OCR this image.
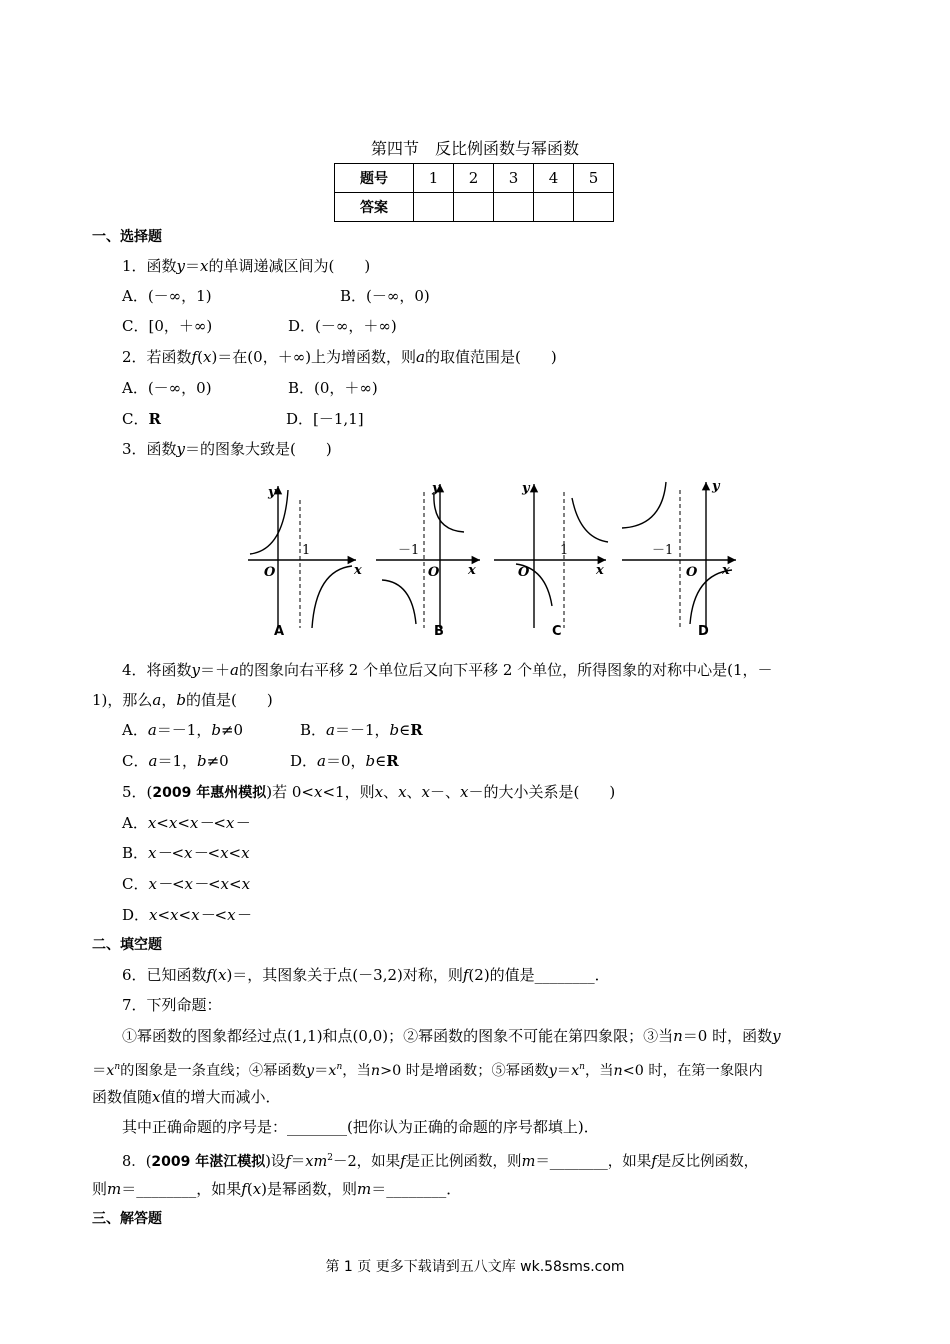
第四节　反比例函数与幂函数
题号	1	2	3	4	5
答案					
一、选择题
1．函数y＝x的单调递减区间为(　　)
A．(－∞，1)	B．(－∞，0)
C．[0，＋∞)	D．(－∞，＋∞)
2．若函数f(x)＝在(0，＋∞)上为增函数，则a的取值范围是(　　)
A．(－∞，0)	B．(0，＋∞)
C．R	D．[－1,1]
3．函数y＝的图象大致是(　　)
y
x
O
1
A
y
x
O
－1
B
y
x
O
1
C
y
x
O
－1
D
4．将函数y＝＋a的图象向右平移 2 个单位后又向下平移 2 个单位，所得图象的对称中心是(1，－
1)，那么a，b的值是(　　)
A．a＝－1，b≠0	B．a＝－1，b∈R
C．a＝1，b≠0	D．a＝0，b∈R
5．(2009 年惠州模拟)若 0<x<1，则x、x、x－、x－的大小关系是(　　)
A．x<x<x－<x－
B．x－<x－<x<x
C．x－<x－<x<x
D．x<x<x－<x－
二、填空题
6．已知函数f(x)＝，其图象关于点(－3,2)对称，则f(2)的值是________．
7．下列命题：
①幂函数的图象都经过点(1,1)和点(0,0)；②幂函数的图象不可能在第四象限；③当n＝0 时，函数y
$=x^n$的图象是一条直线；④幂函数$y=x^n$，当n>0 时是增函数；⑤幂函数$y=x^n$，当n<0 时，在第一象限内
函数值随x值的增大而减小．
其中正确命题的序号是：________(把你认为正确的命题的序号都填上)．
8．(2009 年湛江模拟)设$f=xm^2-2$，如果f是正比例函数，则m＝________，如果f是反比例函数，
则m＝________，如果f(x)是幂函数，则m＝________．
三、解答题
第 1 页 更多下载请到五八文库 wk.58sms.com
